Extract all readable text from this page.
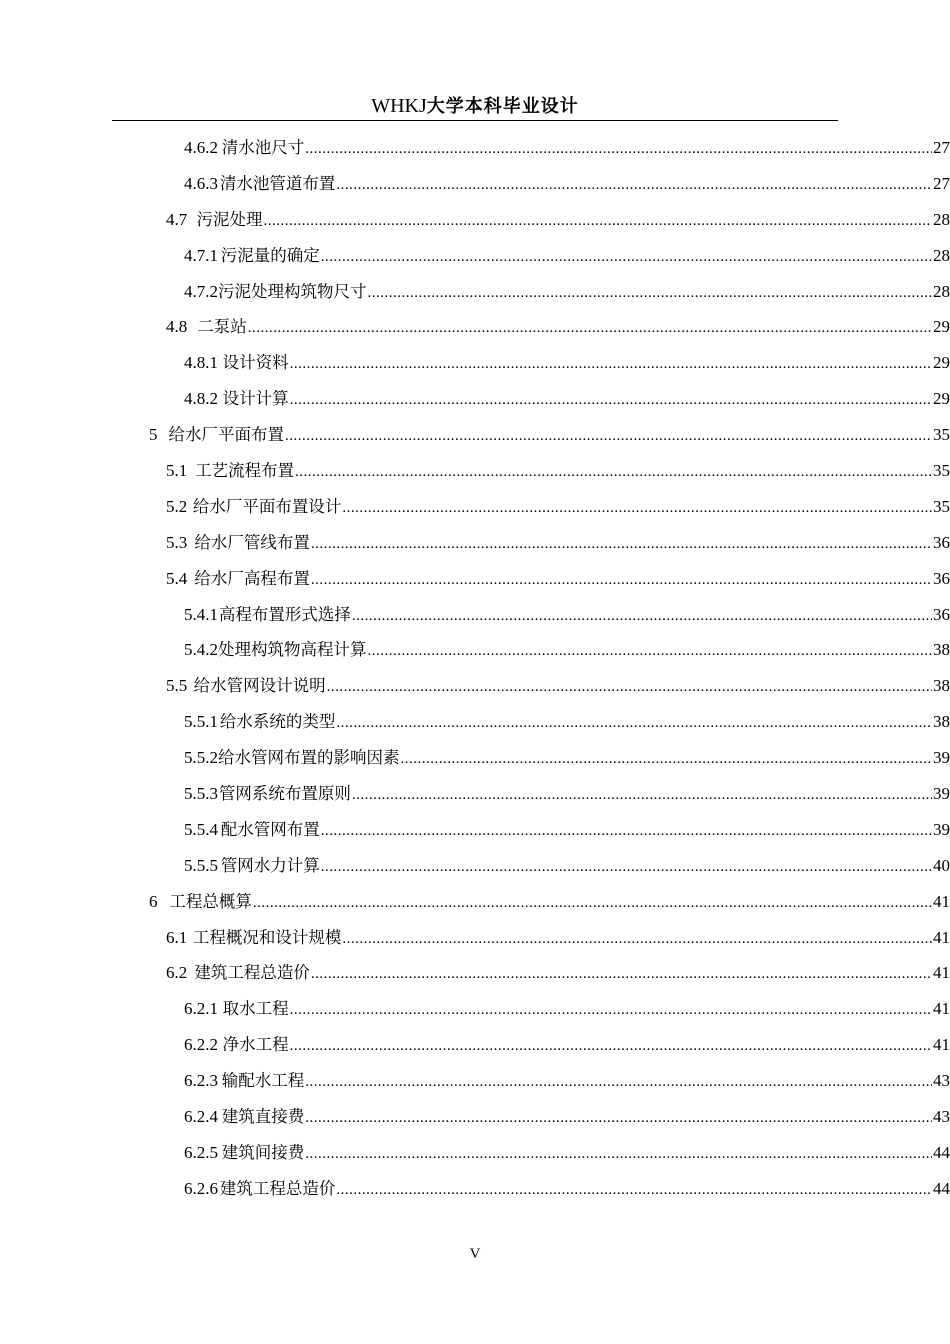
WHKJ大学本科毕业设计
4.6.2 清水池尺寸 .....	27
4.6.3 清水池管道布置 .....	27
4.7 污泥处理 .....	28
4.7.1 污泥量的确定 .....	28
4.7.2 污泥处理构筑物尺寸 .....	28
4.8 二泵站 .....	29
4.8.1 设计资料 .....	29
4.8.2 设计计算 .....	29
5 给水厂平面布置 .....	35
5.1 工艺流程布置 .....	35
5.2 给水厂平面布置设计 .....	35
5.3 给水厂管线布置 .....	36
5.4 给水厂高程布置 .....	36
5.4.1 高程布置形式选择 .....	36
5.4.2 处理构筑物高程计算 .....	38
5.5 给水管网设计说明 .....	38
5.5.1 给水系统的类型 .....	38
5.5.2 给水管网布置的影响因素 .....	39
5.5.3 管网系统布置原则 .....	39
5.5.4 配水管网布置 .....	39
5.5.5 管网水力计算 .....	40
6 工程总概算 .....	41
6.1 工程概况和设计规模 .....	41
6.2 建筑工程总造价 .....	41
6.2.1 取水工程 .....	41
6.2.2 净水工程 .....	41
6.2.3 输配水工程 .....	43
6.2.4 建筑直接费 .....	43
6.2.5 建筑间接费 .....	44
6.2.6 建筑工程总造价 .....	44
V
